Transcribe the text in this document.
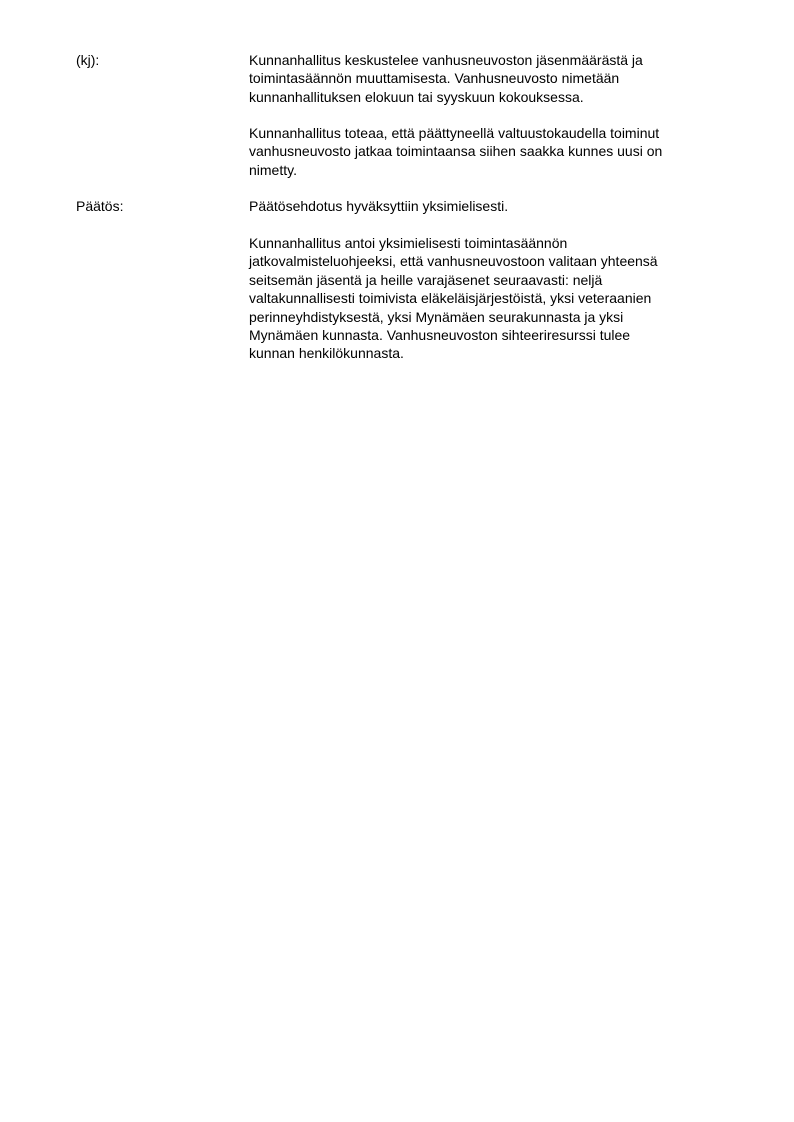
(kj):	Kunnanhallitus keskustelee vanhusneuvoston jäsenmäärästä ja
toimintasäännön muuttamisesta. Vanhusneuvosto nimetään
kunnanhallituksen elokuun tai syyskuun kokouksessa.
Kunnanhallitus toteaa, että päättyneellä valtuustokaudella toiminut
vanhusneuvosto jatkaa toimintaansa siihen saakka kunnes uusi on
nimetty.
Päätös:	Päätösehdotus hyväksyttiin yksimielisesti.
Kunnanhallitus antoi yksimielisesti toimintasäännön
jatkovalmisteluohjeeksi, että vanhusneuvostoon valitaan yhteensä
seitsemän jäsentä ja heille varajäsenet seuraavasti: neljä
valtakunnallisesti toimivista eläkeläisjärjestöistä, yksi veteraanien
perinneyhdistyksestä, yksi Mynämäen seurakunnasta ja yksi
Mynämäen kunnasta. Vanhusneuvoston sihteeriresurssi tulee
kunnan henkilökunnasta.
